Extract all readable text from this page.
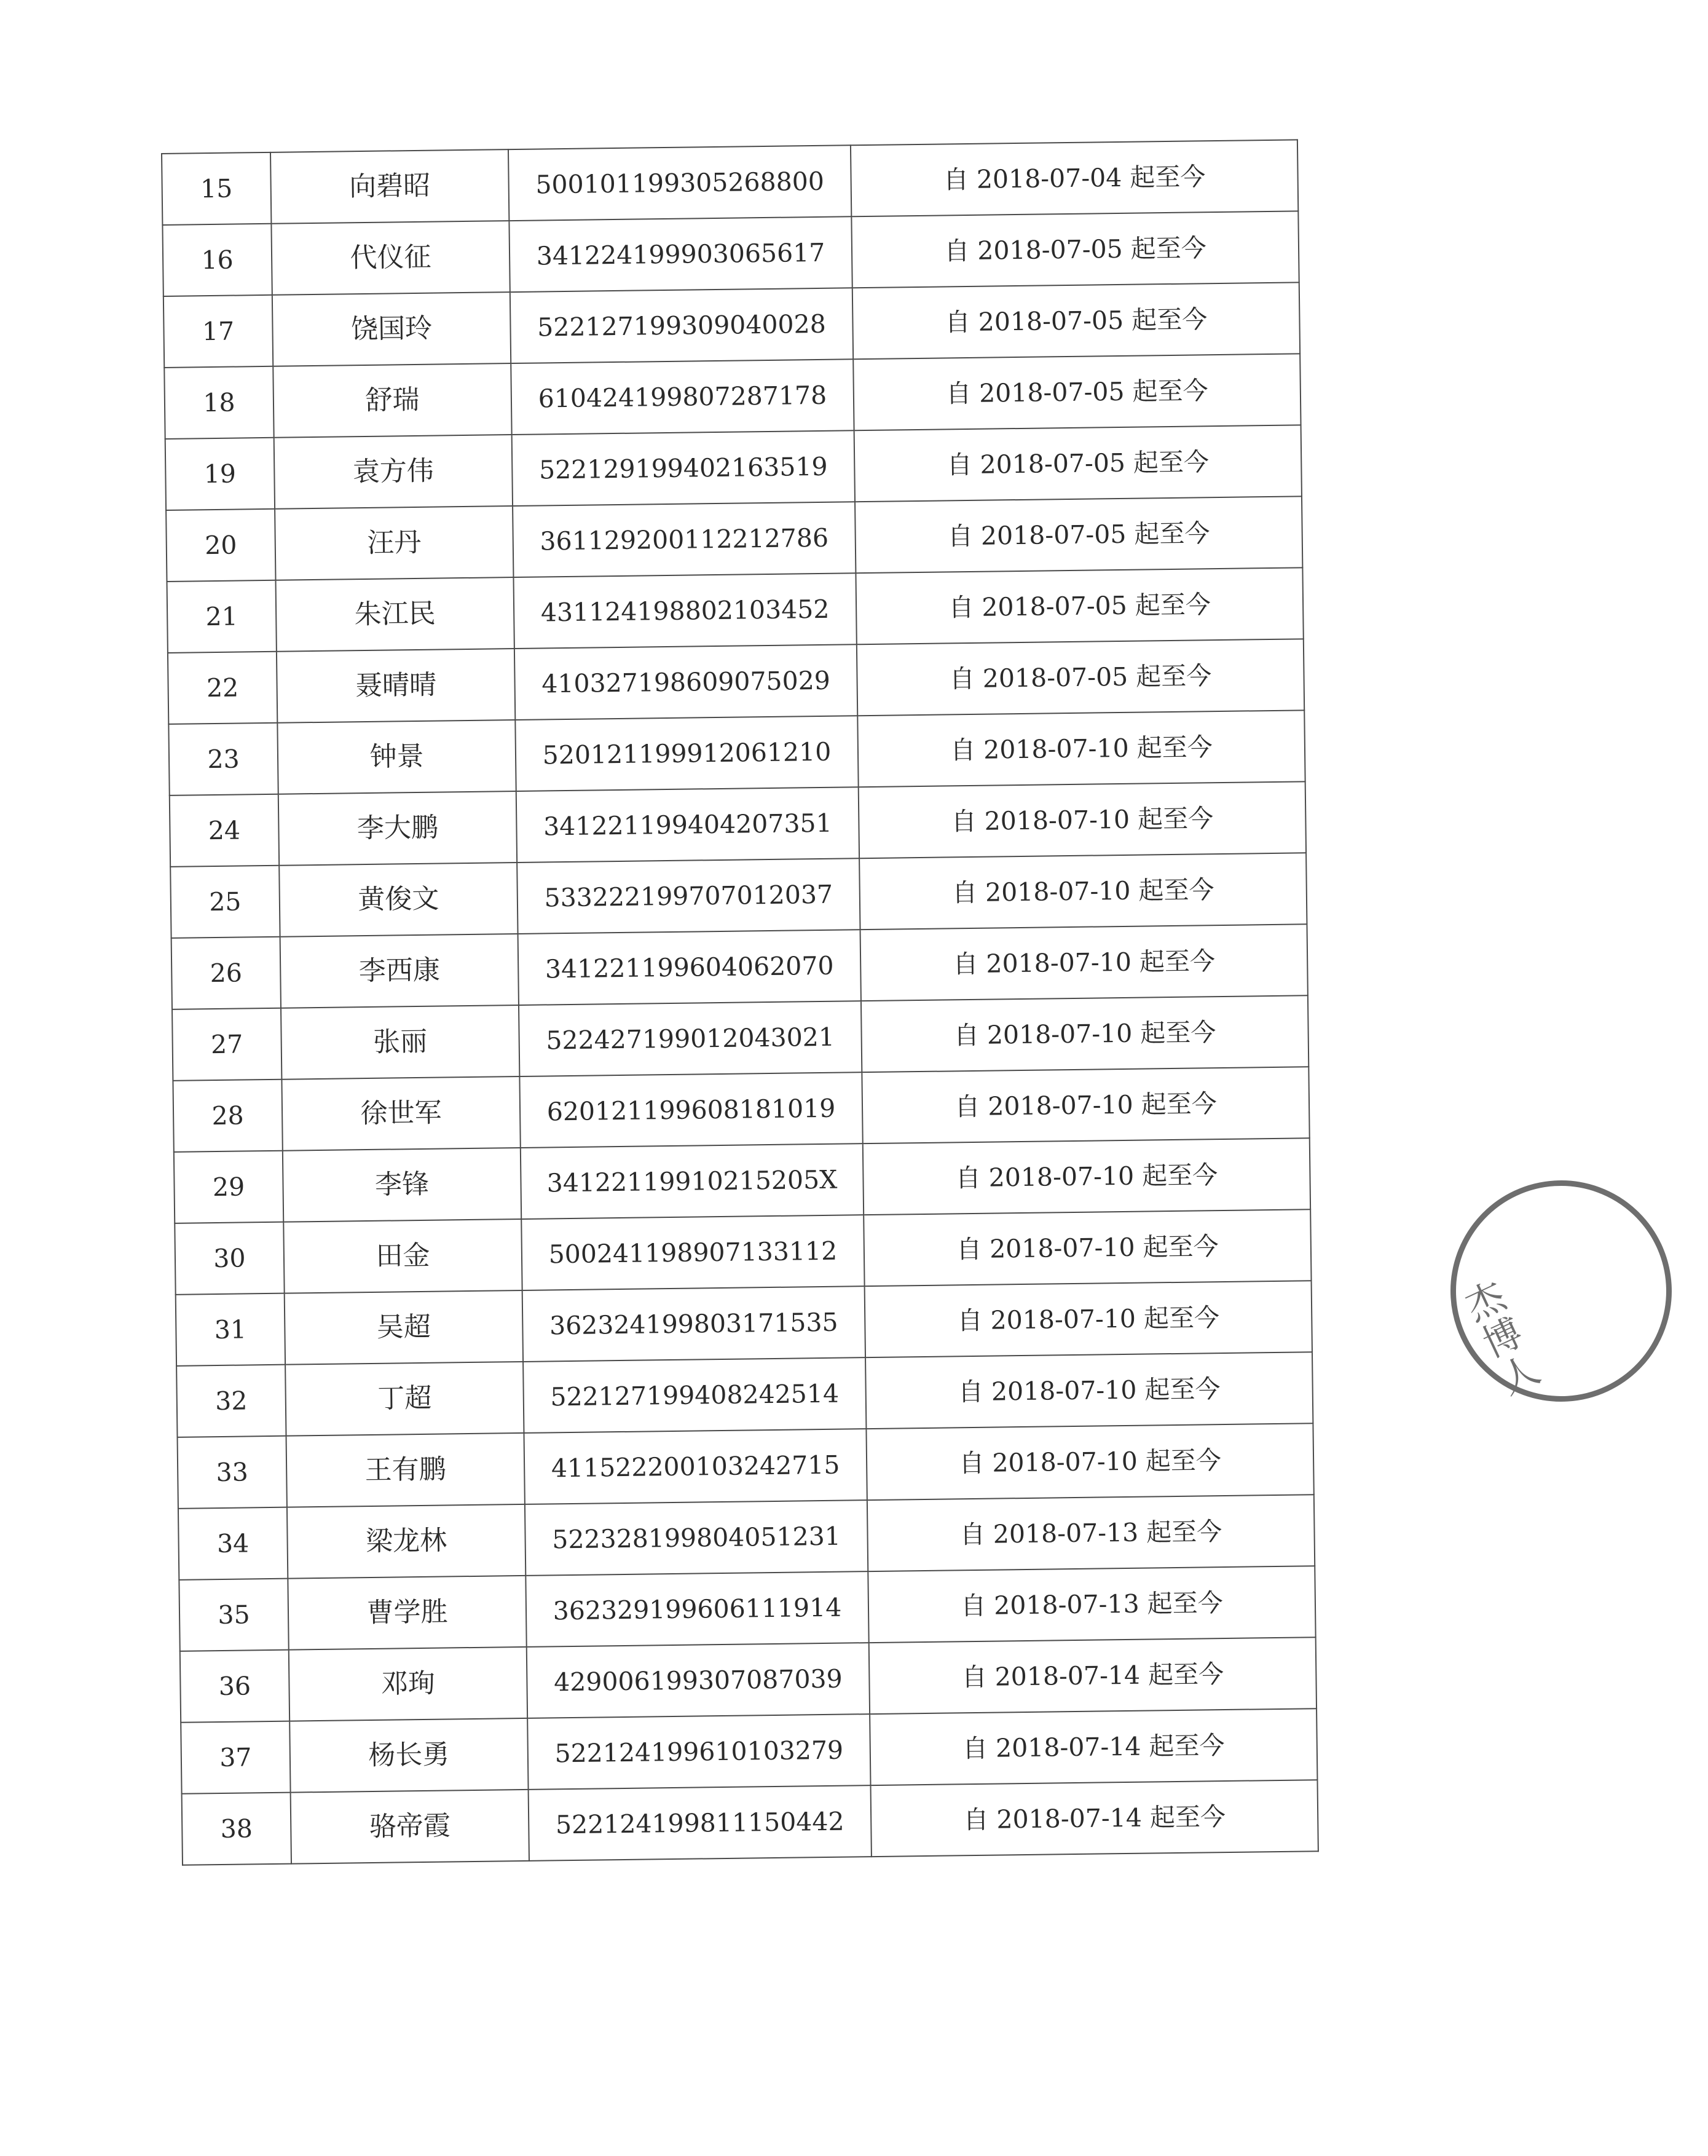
15	向碧昭	500101199305268800	自 2018-07-04 起至今
16	代仪征	341224199903065617	自 2018-07-05 起至今
17	饶国玲	522127199309040028	自 2018-07-05 起至今
18	舒瑞	610424199807287178	自 2018-07-05 起至今
19	袁方伟	522129199402163519	自 2018-07-05 起至今
20	汪丹	361129200112212786	自 2018-07-05 起至今
21	朱江民	431124198802103452	自 2018-07-05 起至今
22	聂晴晴	410327198609075029	自 2018-07-05 起至今
23	钟景	520121199912061210	自 2018-07-10 起至今
24	李大鹏	341221199404207351	自 2018-07-10 起至今
25	黄俊文	533222199707012037	自 2018-07-10 起至今
26	李西康	341221199604062070	自 2018-07-10 起至今
27	张丽	522427199012043021	自 2018-07-10 起至今
28	徐世军	620121199608181019	自 2018-07-10 起至今
29	李锋	34122119910215205X	自 2018-07-10 起至今
30	田金	500241198907133112	自 2018-07-10 起至今
31	吴超	362324199803171535	自 2018-07-10 起至今
32	丁超	522127199408242514	自 2018-07-10 起至今
33	王有鹏	411522200103242715	自 2018-07-10 起至今
34	梁龙林	522328199804051231	自 2018-07-13 起至今
35	曹学胜	362329199606111914	自 2018-07-13 起至今
36	邓珣	429006199307087039	自 2018-07-14 起至今
37	杨长勇	522124199610103279	自 2018-07-14 起至今
38	骆帝霞	522124199811150442	自 2018-07-14 起至今
杰博人
